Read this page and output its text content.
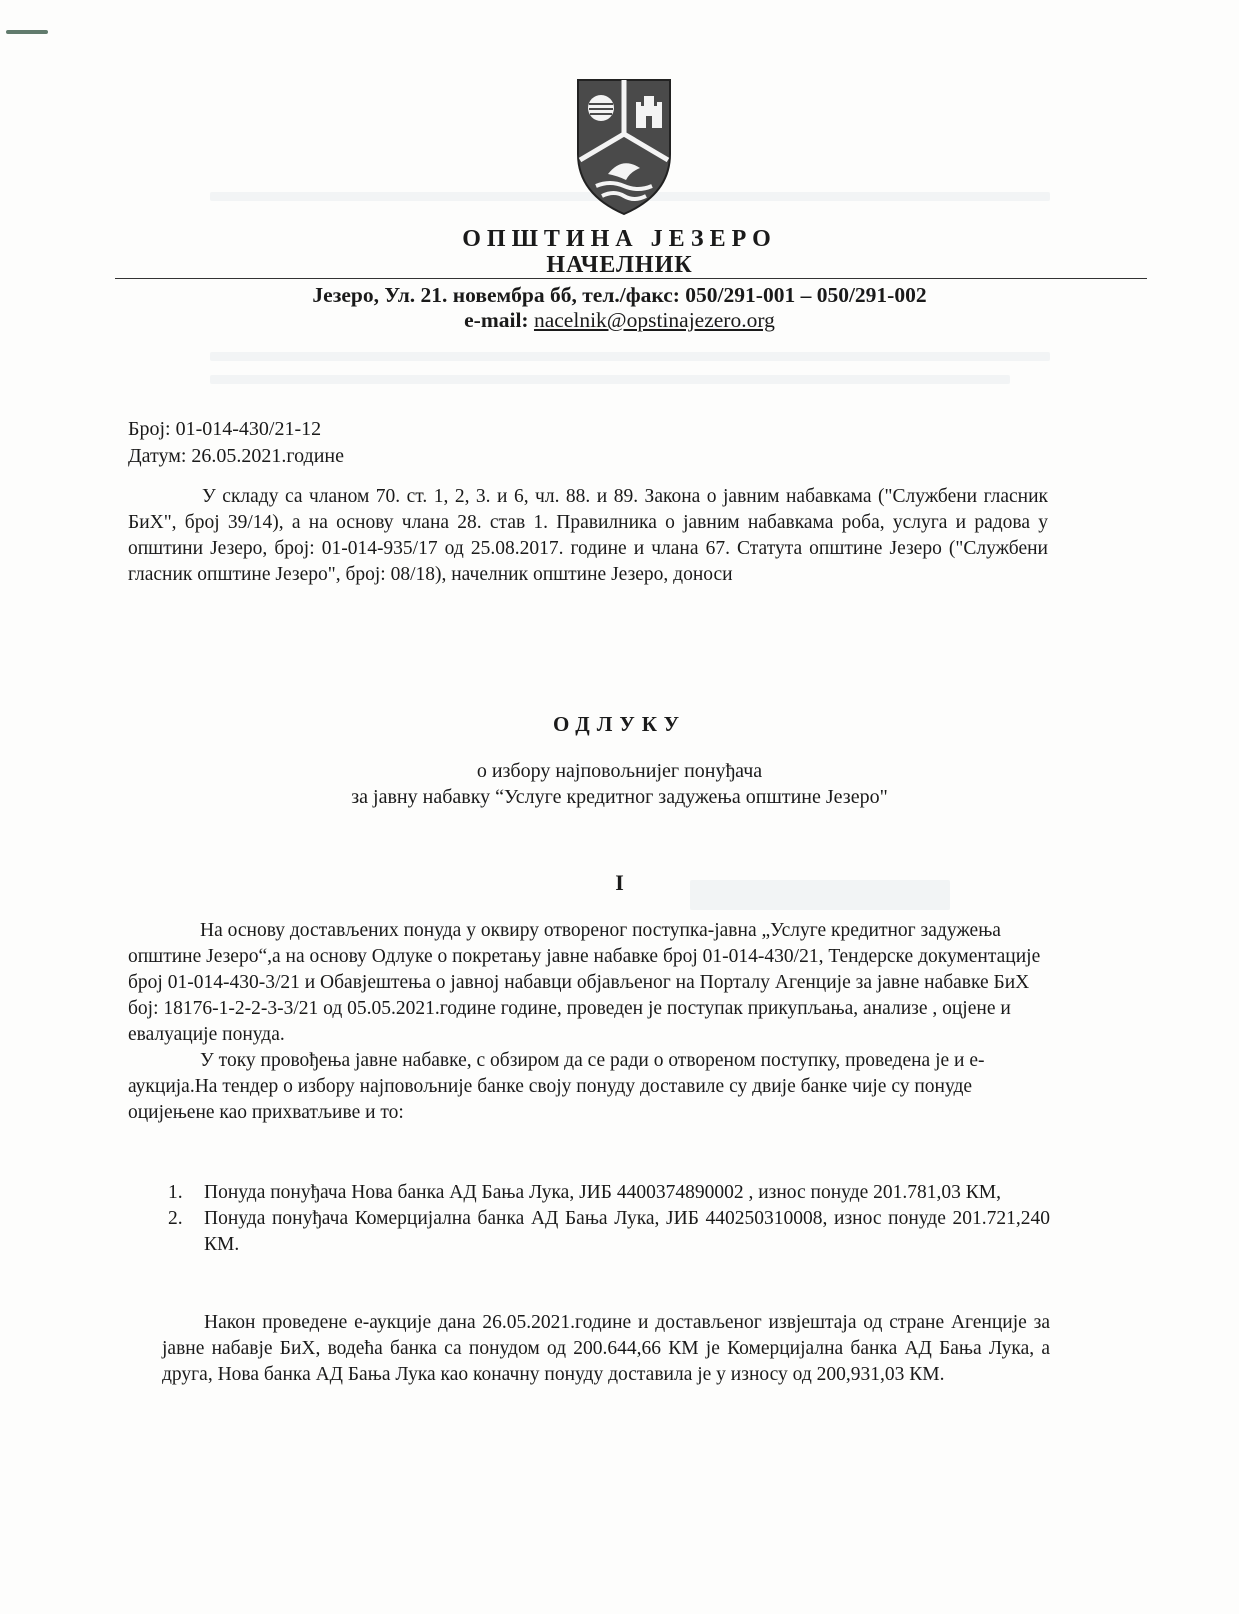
ОПШТИНА ЈЕЗЕРО
НАЧЕЛНИК
Језеро, Ул. 21. новембра бб, тел./факс: 050/291-001 – 050/291-002
e-mail: nacelnik@opstinajezero.org
Број: 01-014-430/21-12
Датум: 26.05.2021.године

У складу са чланом 70. ст. 1, 2, 3. и 6, чл. 88. и 89. Закона о јавним набавкама ("Службени гласник БиХ", број 39/14), а на основу члана 28. став 1. Правилника о јавним набавкама роба, услуга и радова у општини Језеро, број: 01-014-935/17 од 25.08.2017. године и члана 67. Статута општине Језеро ("Службени гласник општине Језеро", број: 08/18), начелник општине Језеро, доноси

ОДЛУКУ
о избору најповољнијег понуђача
за јавну набавку “Услуге кредитног задужења општине Језеро"
I

На основу достављених понуда у оквиру отвореног поступка-јавна „Услуге кредитног задужења општине Језеро“,а на основу Одлуке о покретању јавне набавке број 01-014-430/21, Тендерске документације број 01-014-430-3/21 и Обавјештења о јавној набавци објављеног на Порталу Агенције за јавне набавке БиХ бој: 18176-1-2-2-3-3/21 од 05.05.2021.године године, проведен је поступак прикупљања, анализе , оцјене и евалуације понуда.

У току провођења јавне набавке, с обзиром да се ради о отвореном поступку, проведена је и е-аукција.На тендер о избору најповољније банке своју понуду доставиле су двије банке чије су понуде оцијењене као прихватљиве и то:

1. Понуда понуђача Нова банка АД Бања Лука, ЈИБ 4400374890002 , износ понуде 201.781,03 КМ,
2. Понуда понуђача Комерцијална банка АД Бања Лука, ЈИБ 440250310008, износ понуде 201.721,240 КМ.

Након проведене е-аукције дана 26.05.2021.године и достављеног извјештаја од стране Агенције за јавне набавје БиХ, водећа банка са понудом од 200.644,66 КМ је Комерцијална банка АД Бања Лука, а друга, Нова банка АД Бања Лука као коначну понуду доставила је у износу од 200,931,03 КМ.
